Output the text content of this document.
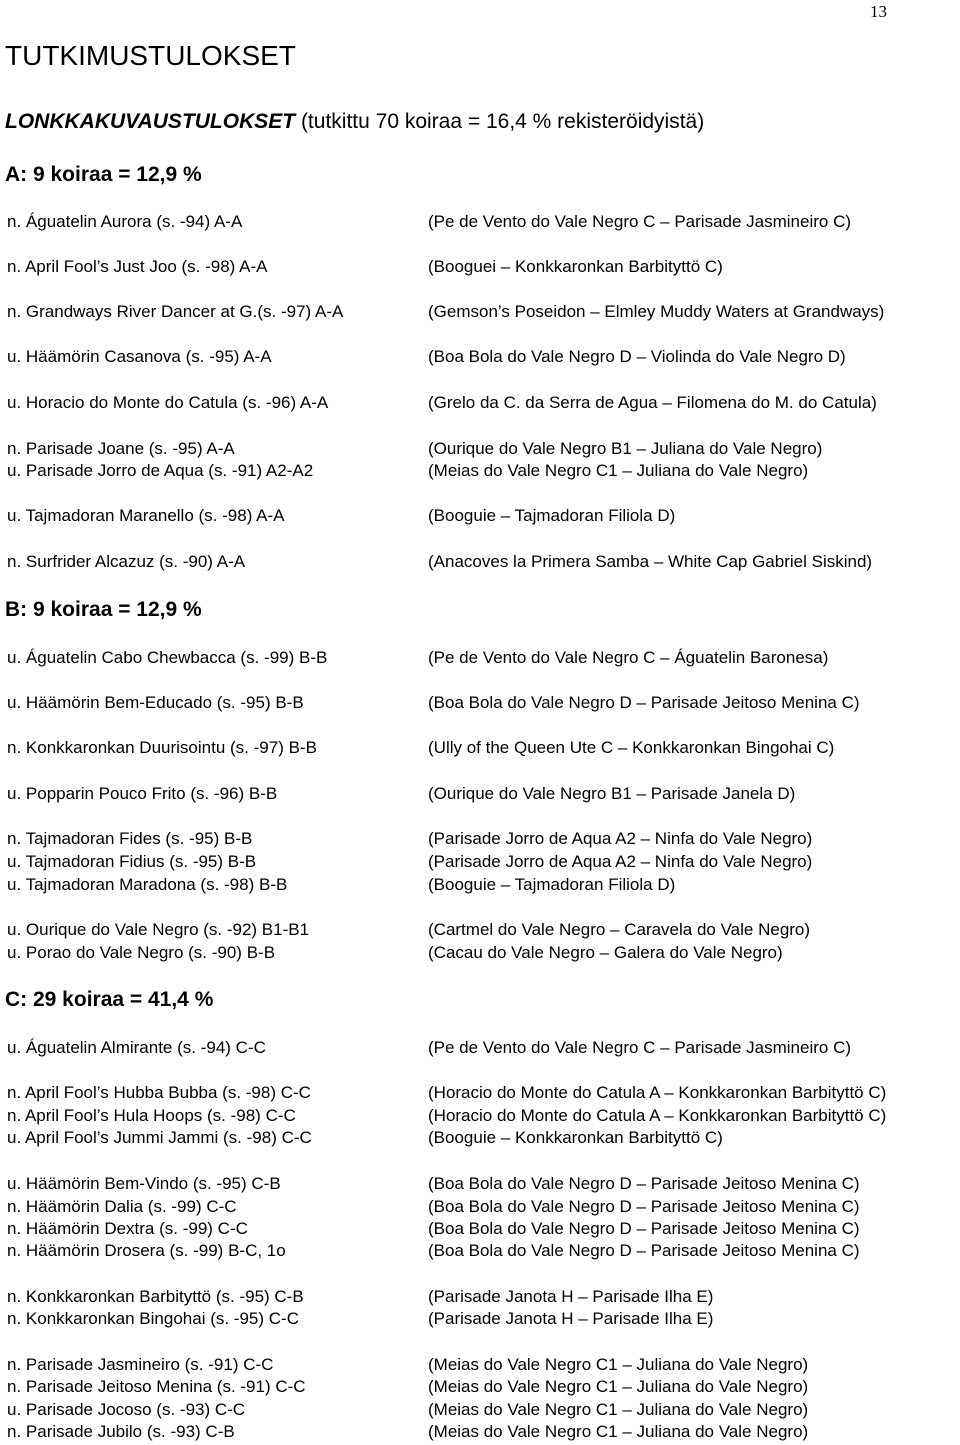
13
TUTKIMUSTULOKSET
LONKKAKUVAUSTULOKSET (tutkittu 70 koiraa = 16,4 % rekisteröidyistä)
A: 9 koiraa = 12,9 %
n. Águatelin Aurora (s. -94) A-A	(Pe de Vento do Vale Negro C – Parisade Jasmineiro C)
n. April Fool’s Just Joo (s. -98) A-A	(Booguei – Konkkaronkan Barbityttö C)
n. Grandways River Dancer at G.(s. -97) A-A	(Gemson’s Poseidon – Elmley Muddy Waters at Grandways)
u. Häämörin Casanova (s. -95) A-A	(Boa Bola do Vale Negro D – Violinda do Vale Negro D)
u. Horacio do Monte do Catula (s. -96) A-A	(Grelo da C. da Serra de Agua – Filomena do M. do Catula)
n. Parisade Joane (s. -95) A-A	(Ourique do Vale Negro B1 – Juliana do Vale Negro)
u. Parisade Jorro de Aqua (s. -91) A2-A2	(Meias do Vale Negro C1 – Juliana do Vale Negro)
u. Tajmadoran Maranello (s. -98) A-A	(Booguie – Tajmadoran Filiola D)
n. Surfrider Alcazuz (s. -90) A-A	(Anacoves la Primera Samba – White Cap Gabriel Siskind)
B: 9 koiraa = 12,9 %
u. Águatelin Cabo Chewbacca (s. -99) B-B	(Pe de Vento do Vale Negro C – Águatelin Baronesa)
u. Häämörin Bem-Educado (s. -95) B-B	(Boa Bola do Vale Negro D – Parisade Jeitoso Menina C)
n. Konkkaronkan Duurisointu (s. -97) B-B	(Ully of the Queen Ute C – Konkkaronkan Bingohai C)
u. Popparin Pouco Frito (s. -96) B-B	(Ourique do Vale Negro B1 – Parisade Janela D)
n. Tajmadoran Fides (s. -95) B-B	(Parisade Jorro de Aqua A2 – Ninfa do Vale Negro)
u. Tajmadoran Fidius (s. -95) B-B	(Parisade Jorro de Aqua A2 – Ninfa do Vale Negro)
u. Tajmadoran Maradona (s. -98) B-B	(Booguie – Tajmadoran Filiola D)
u. Ourique do Vale Negro (s. -92) B1-B1	(Cartmel do Vale Negro – Caravela do Vale Negro)
u. Porao do Vale Negro (s. -90) B-B	(Cacau do Vale Negro – Galera do Vale Negro)
C: 29 koiraa = 41,4 %
u. Águatelin Almirante (s. -94) C-C	(Pe de Vento do Vale Negro C – Parisade Jasmineiro C)
n. April Fool’s Hubba Bubba (s. -98) C-C	(Horacio do Monte do Catula A – Konkkaronkan Barbityttö C)
n. April Fool’s Hula Hoops (s. -98) C-C	(Horacio do Monte do Catula A – Konkkaronkan Barbityttö C)
u. April Fool’s Jummi Jammi (s. -98) C-C	(Booguie – Konkkaronkan Barbityttö C)
u. Häämörin Bem-Vindo (s. -95) C-B	(Boa Bola do Vale Negro D – Parisade Jeitoso Menina C)
n. Häämörin Dalia (s. -99) C-C	(Boa Bola do Vale Negro D – Parisade Jeitoso Menina C)
n. Häämörin Dextra (s. -99) C-C	(Boa Bola do Vale Negro D – Parisade Jeitoso Menina C)
n. Häämörin Drosera (s. -99) B-C, 1o	(Boa Bola do Vale Negro D – Parisade Jeitoso Menina C)
n. Konkkaronkan Barbityttö (s. -95) C-B	(Parisade Janota H – Parisade Ilha E)
n. Konkkaronkan Bingohai (s. -95) C-C	(Parisade Janota H – Parisade Ilha E)
n. Parisade Jasmineiro (s. -91) C-C	(Meias do Vale Negro C1 – Juliana do Vale Negro)
n. Parisade Jeitoso Menina (s. -91) C-C	(Meias do Vale Negro C1 – Juliana do Vale Negro)
u. Parisade Jocoso (s. -93) C-C	(Meias do Vale Negro C1 – Juliana do Vale Negro)
n. Parisade Jubilo (s. -93) C-B	(Meias do Vale Negro C1 – Juliana do Vale Negro)
